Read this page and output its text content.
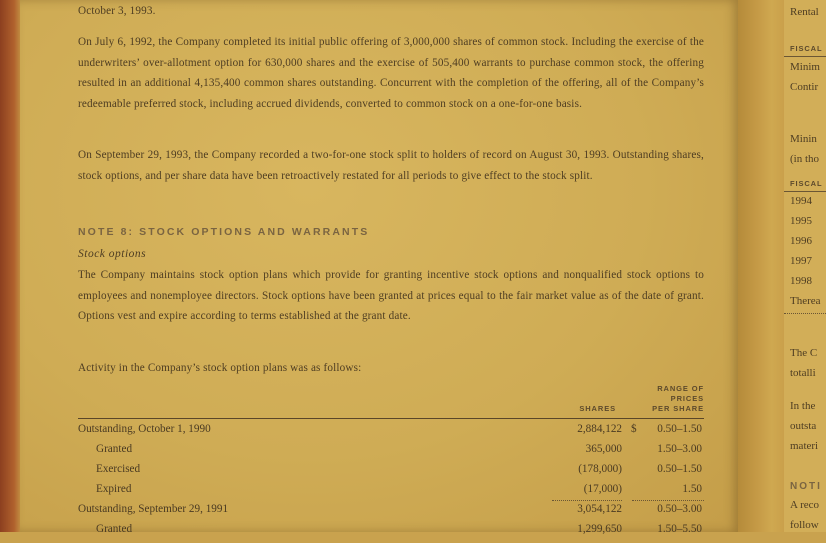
October 3, 1993.
On July 6, 1992, the Company completed its initial public offering of 3,000,000 shares of common stock. Including the exercise of the underwriters’ over-allotment option for 630,000 shares and the exercise of 505,400 warrants to purchase common stock, the offering resulted in an additional 4,135,400 common shares outstanding. Concurrent with the completion of the offering, all of the Company’s redeemable preferred stock, including accrued dividends, converted to common stock on a one-for-one basis.
On September 29, 1993, the Company recorded a two-for-one stock split to holders of record on August 30, 1993. Outstanding shares, stock options, and per share data have been retroactively restated for all periods to give effect to the stock split.
NOTE 8: STOCK OPTIONS AND WARRANTS
Stock options
The Company maintains stock option plans which provide for granting incentive stock options and nonqualified stock options to employees and nonemployee directors. Stock options have been granted at prices equal to the fair market value as of the date of grant. Options vest and expire according to terms established at the grant date.
Activity in the Company’s stock option plans was as follows:
SHARES
RANGE OF
PRICES
PER SHARE
Outstanding, October 1, 1990	2,884,122 $ 0.50–1.50
Granted	365,000	1.50–3.00
Exercised	(178,000)	0.50–1.50
Expired	(17,000)	1.50
Outstanding, September 29, 1991	3,054,122	0.50–3.00
Granted	1,299,650	1.50–5.50
Rental
FISCAL
Minim
Contir
Minin
(in tho
FISCAL
1994
1995
1996
1997
1998
Therea
The C
totalli
In the
outsta
materi
NOTI
A reco
follow
